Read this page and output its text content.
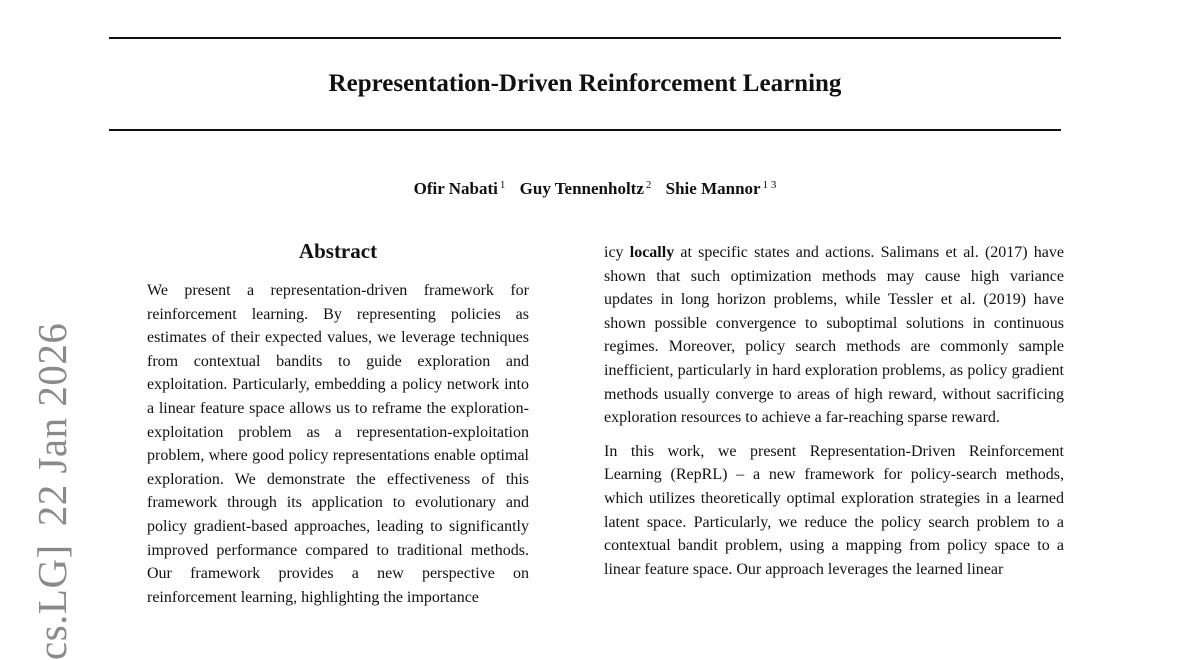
Representation-Driven Reinforcement Learning
Ofir Nabati $^1$ Guy Tennenholtz $^2$ Shie Mannor $^{1 3}$
cs.LG]22 Jan 2026
Abstract

We present a representation-driven framework for reinforcement learning. By representing policies as estimates of their expected values, we leverage techniques from contextual bandits to guide exploration and exploitation. Particularly, embedding a policy network into a linear feature space allows us to reframe the exploration-exploitation problem as a representation-exploitation problem, where good policy representations enable optimal exploration. We demonstrate the effectiveness of this framework through its application to evolutionary and policy gradient-based approaches, leading to significantly improved performance compared to traditional methods. Our framework provides a new perspective on reinforcement learning, highlighting the importance

icy locally at specific states and actions. Salimans et al. (2017) have shown that such optimization methods may cause high variance updates in long horizon problems, while Tessler et al. (2019) have shown possible convergence to suboptimal solutions in continuous regimes. Moreover, policy search methods are commonly sample inefficient, particularly in hard exploration problems, as policy gradient methods usually converge to areas of high reward, without sacrificing exploration resources to achieve a far-reaching sparse reward.

In this work, we present Representation-Driven Reinforcement Learning (RepRL) – a new framework for policy-search methods, which utilizes theoretically optimal exploration strategies in a learned latent space. Particularly, we reduce the policy search problem to a contextual bandit problem, using a mapping from policy space to a linear feature space. Our approach leverages the learned linear
